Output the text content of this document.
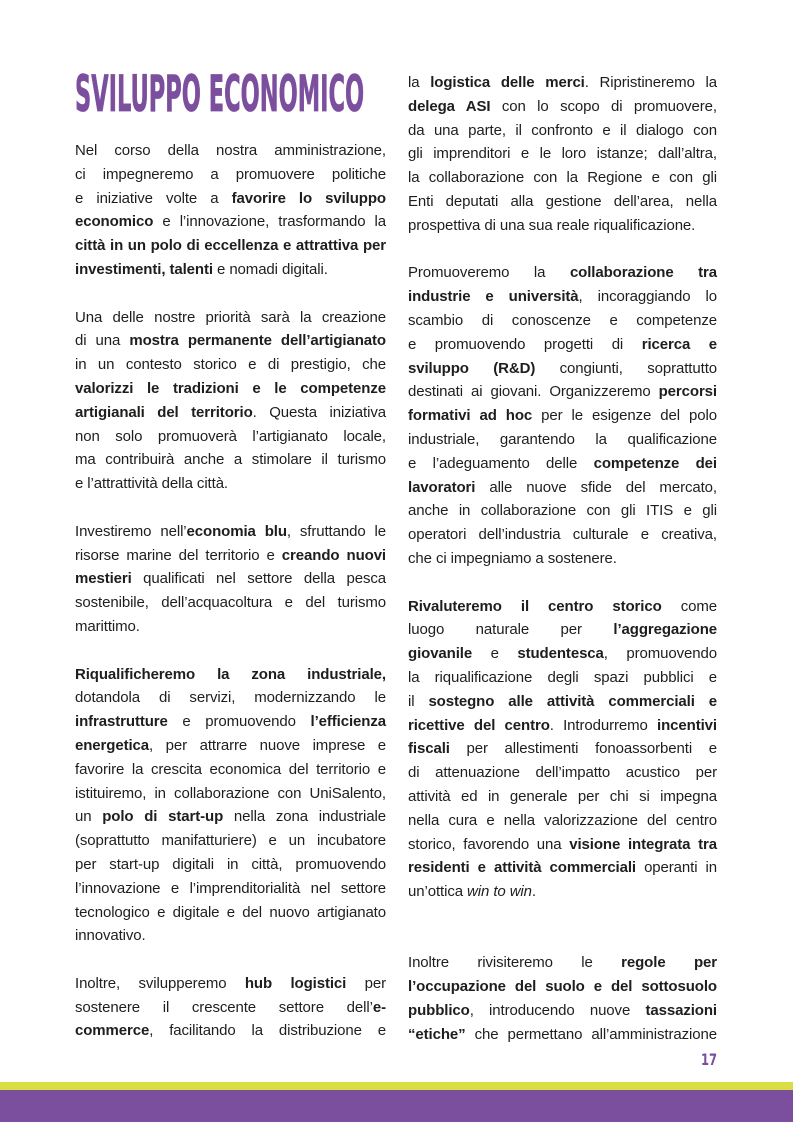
SVILUPPO ECONOMICO
Nel corso della nostra amministrazione,
ci impegneremo a promuovere politiche
e iniziative volte a favorire lo sviluppo
economico e l’innovazione, trasformando la
città in un polo di eccellenza e attrattiva per
investimenti, talenti e nomadi digitali.
Una delle nostre priorità sarà la creazione
di una mostra permanente dell’artigianato
in un contesto storico e di prestigio, che
valorizzi le tradizioni e le competenze
artigianali del territorio. Questa iniziativa
non solo promuoverà l’artigianato locale,
ma contribuirà anche a stimolare il turismo
e l’attrattività della città.
Investiremo nell’economia blu, sfruttando le
risorse marine del territorio e creando nuovi
mestieri qualificati nel settore della pesca
sostenibile, dell’acquacoltura e del turismo
marittimo.
Riqualificheremo la zona industriale,
dotandola di servizi, modernizzando le
infrastrutture e promuovendo l’efficienza
energetica, per attrarre nuove imprese e
favorire la crescita economica del territorio e
istituiremo, in collaborazione con UniSalento,
un polo di start-up nella zona industriale
(soprattutto manifatturiere) e un incubatore
per start-up digitali in città, promuovendo
l’innovazione e l’imprenditorialità nel settore
tecnologico e digitale e del nuovo artigianato
innovativo.
Inoltre, svilupperemo hub logistici per
sostenere il crescente settore dell’e-
commerce, facilitando la distribuzione e
la logistica delle merci. Ripristineremo la
delega ASI con lo scopo di promuovere,
da una parte, il confronto e il dialogo con
gli imprenditori e le loro istanze; dall’altra,
la collaborazione con la Regione e con gli
Enti deputati alla gestione dell’area, nella
prospettiva di una sua reale riqualificazione.
Promuoveremo la collaborazione tra
industrie e università, incoraggiando lo
scambio di conoscenze e competenze
e promuovendo progetti di ricerca e
sviluppo (R&D) congiunti, soprattutto
destinati ai giovani. Organizzeremo percorsi
formativi ad hoc per le esigenze del polo
industriale, garantendo la qualificazione
e l’adeguamento delle competenze dei
lavoratori alle nuove sfide del mercato,
anche in collaborazione con gli ITIS e gli
operatori dell’industria culturale e creativa,
che ci impegniamo a sostenere.
Rivaluteremo il centro storico come
luogo naturale per l’aggregazione
giovanile e studentesca, promuovendo
la riqualificazione degli spazi pubblici e
il sostegno alle attività commerciali e
ricettive del centro. Introdurremo incentivi
fiscali per allestimenti fonoassorbenti e
di attenuazione dell’impatto acustico per
attività ed in generale per chi si impegna
nella cura e nella valorizzazione del centro
storico, favorendo una visione integrata tra
residenti e attività commerciali operanti in
un’ottica win to win.
Inoltre rivisiteremo le regole per
l’occupazione del suolo e del sottosuolo
pubblico, introducendo nuove tassazioni
“etiche” che permettano all’amministrazione
17
